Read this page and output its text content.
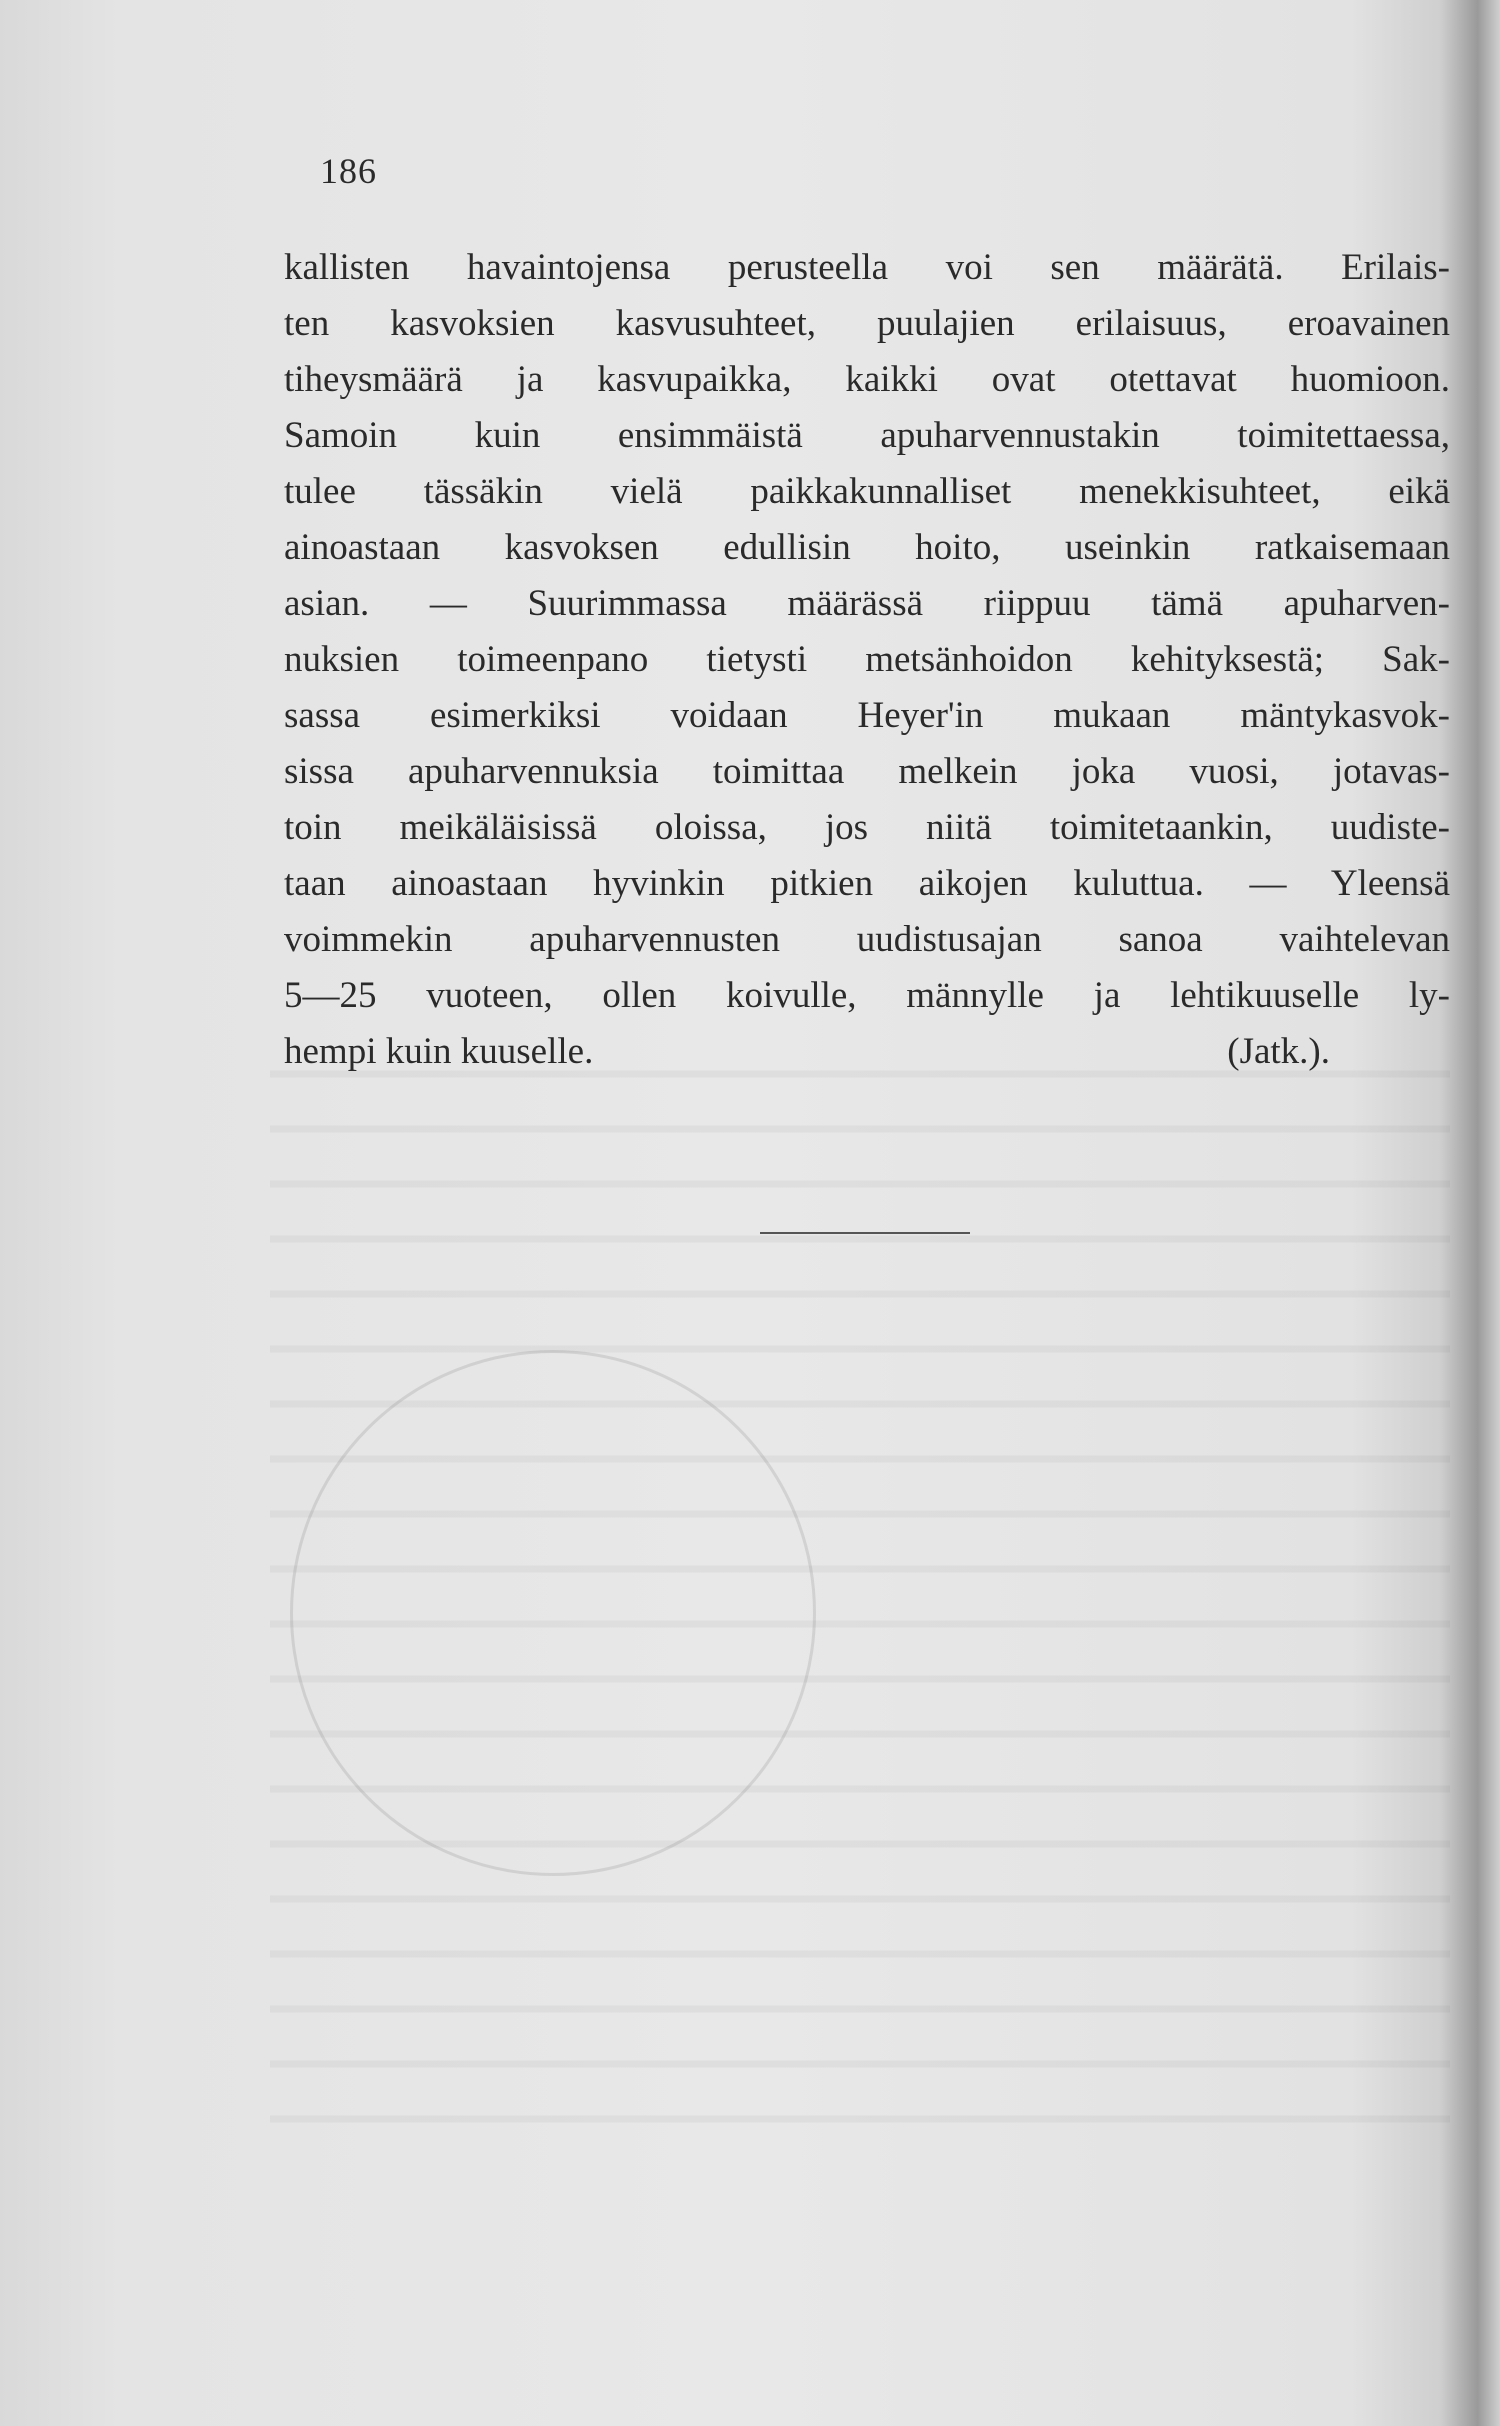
186
kallisten havaintojensa perusteella voi sen määrätä. Erilais-
ten kasvoksien kasvusuhteet, puulajien erilaisuus, eroavainen
tiheysmäärä ja kasvupaikka, kaikki ovat otettavat huomioon.
Samoin kuin ensimmäistä apuharvennustakin toimitettaessa,
tulee tässäkin vielä paikkakunnalliset menekkisuhteet, eikä
ainoastaan kasvoksen edullisin hoito, useinkin ratkaisemaan
asian. — Suurimmassa määrässä riippuu tämä apuharven-
nuksien toimeenpano tietysti metsänhoidon kehityksestä; Sak-
sassa esimerkiksi voidaan Heyer'in mukaan mäntykasvok-
sissa apuharvennuksia toimittaa melkein joka vuosi, jotavas-
toin meikäläisissä oloissa, jos niitä toimitetaankin, uudiste-
taan ainoastaan hyvinkin pitkien aikojen kuluttua. — Yleensä
voimmekin apuharvennusten uudistusajan sanoa vaihtelevan
5—25 vuoteen, ollen koivulle, männylle ja lehtikuuselle ly-
hempi kuin kuuselle.	(Jatk.).
